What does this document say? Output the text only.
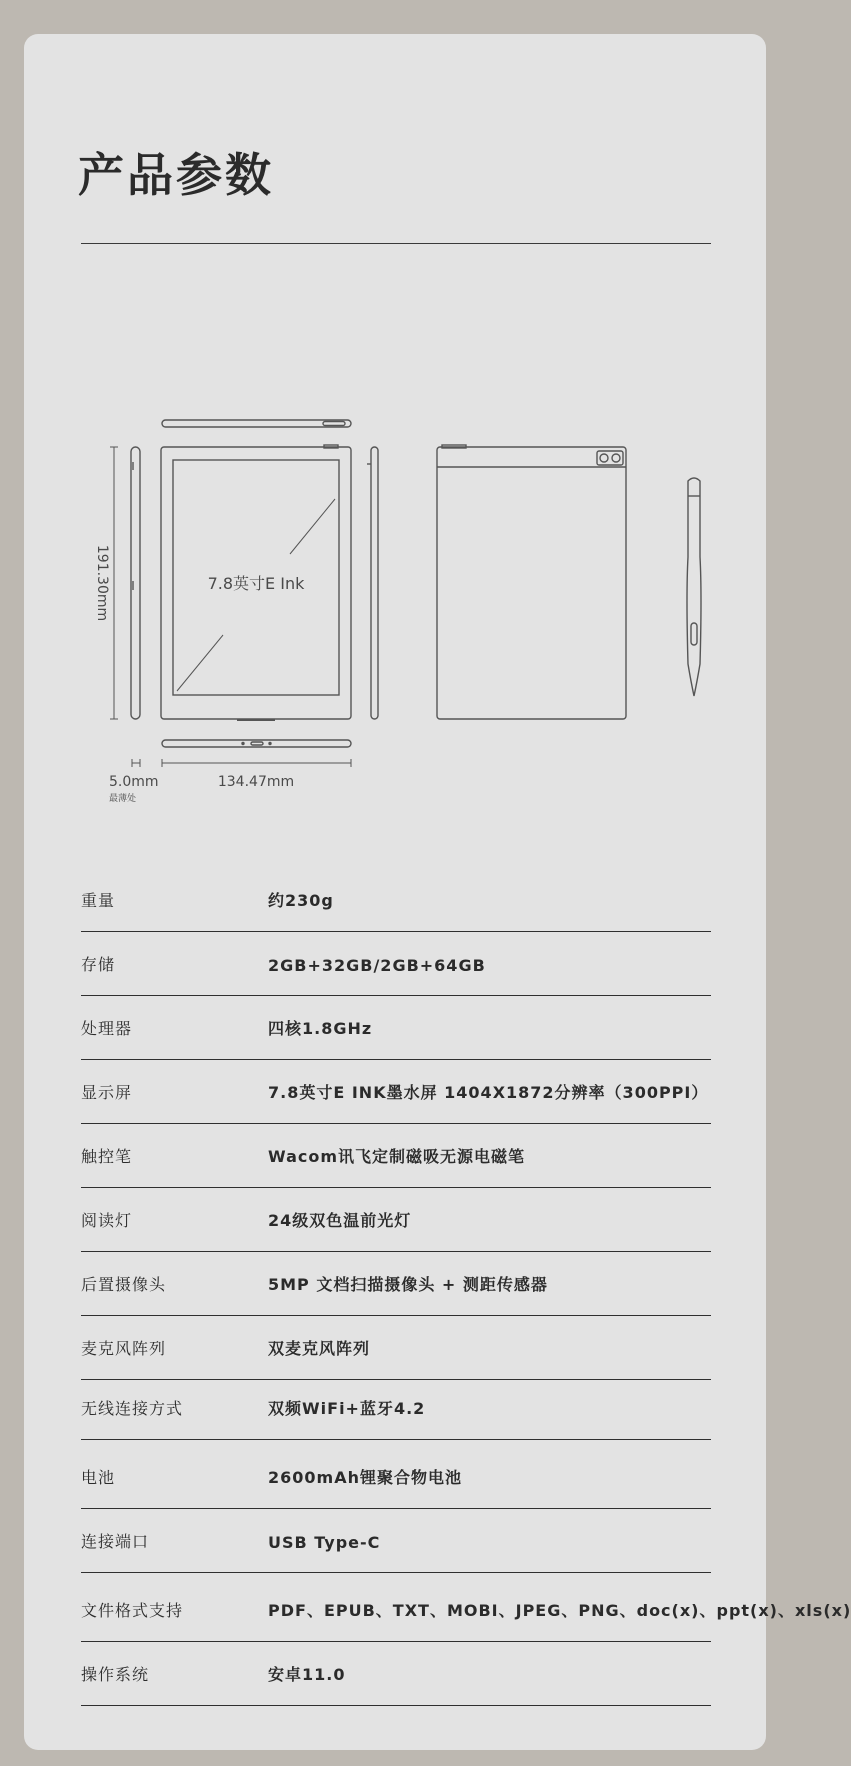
产品参数
7.8英寸E Ink
191.30mm
5.0mm
最薄处
134.47mm
重量	约230g
存储	2GB+32GB/2GB+64GB
处理器	四核1.8GHz
显示屏	7.8英寸E INK墨水屏 1404X1872分辨率（300PPI）
触控笔	Wacom讯飞定制磁吸无源电磁笔
阅读灯	24级双色温前光灯
后置摄像头	5MP 文档扫描摄像头 + 测距传感器
麦克风阵列	双麦克风阵列
无线连接方式	双频WiFi+蓝牙4.2
电池	2600mAh锂聚合物电池
连接端口	USB Type-C
文件格式支持	PDF、EPUB、TXT、MOBI、JPEG、PNG、doc(x)、ppt(x)、xls(x)
操作系统	安卓11.0
